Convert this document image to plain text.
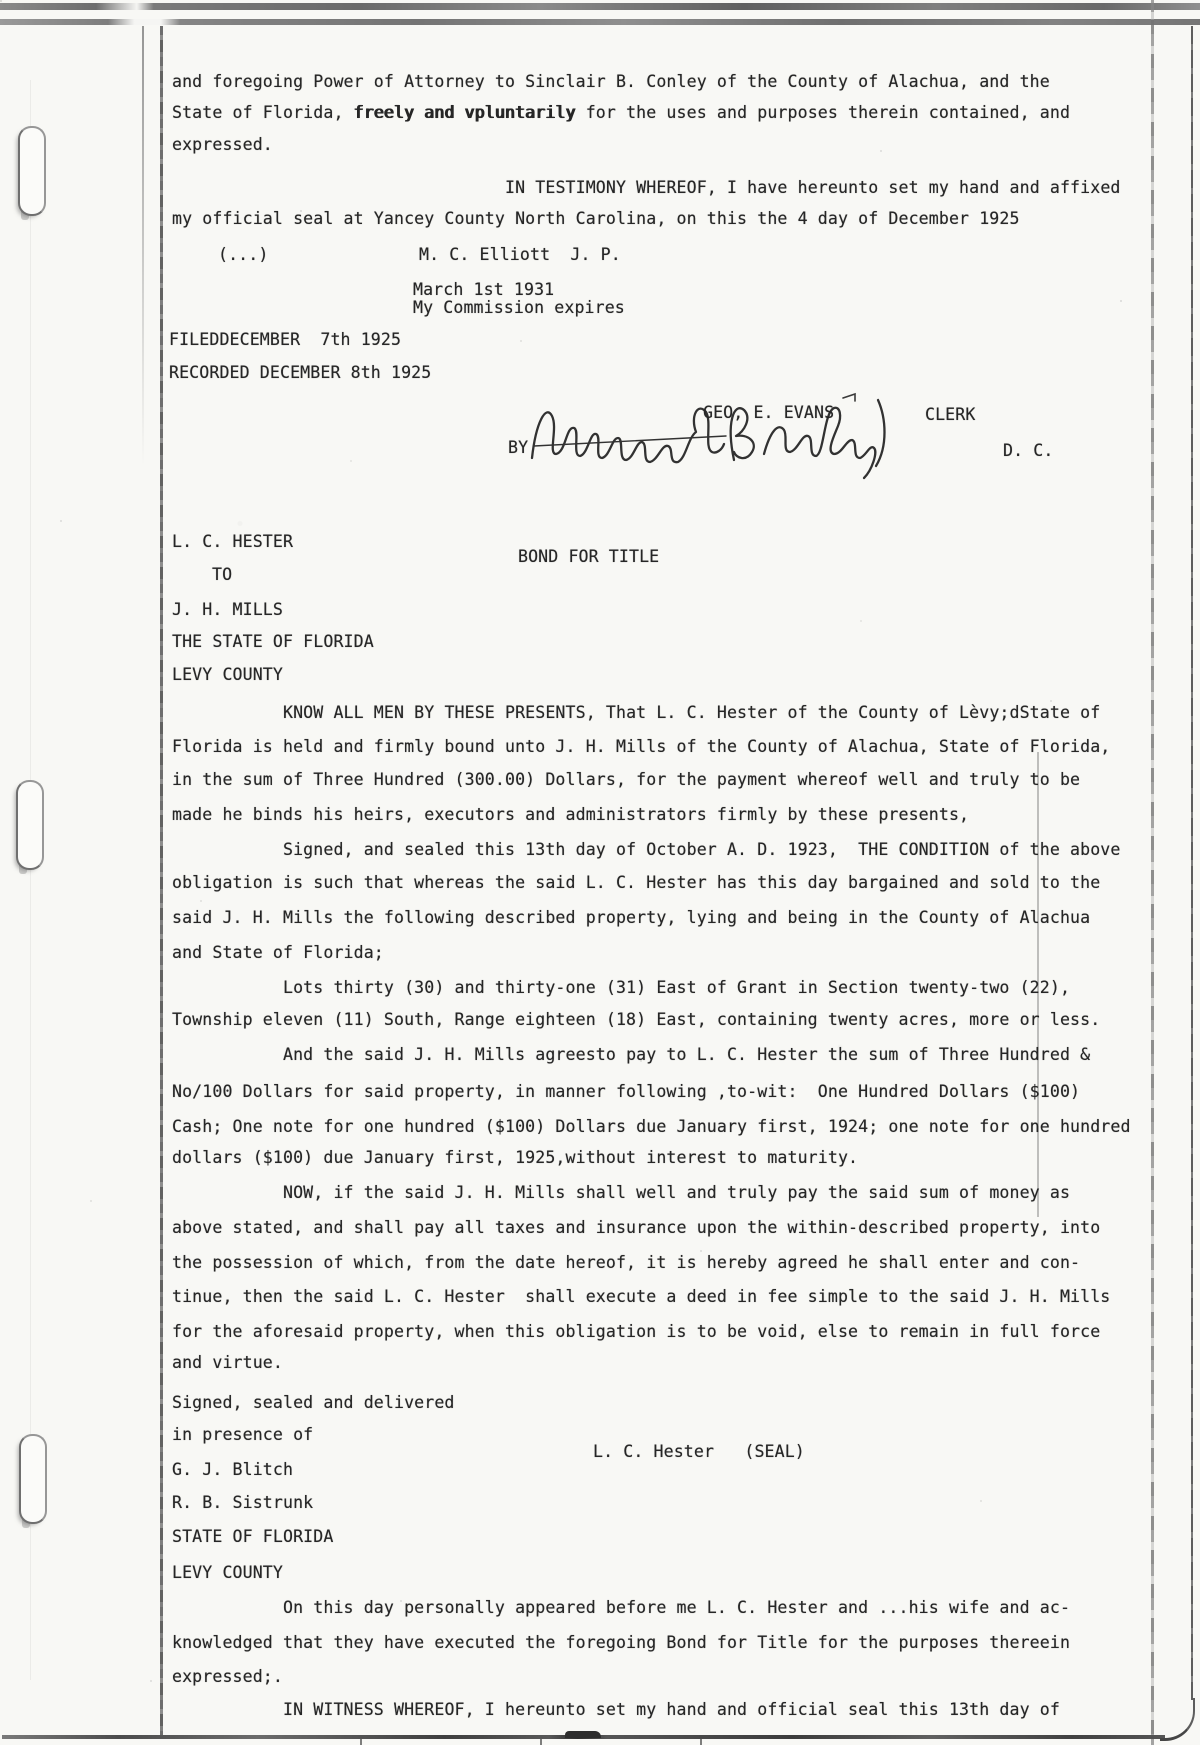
and foregoing Power of Attorney to Sinclair B. Conley of the County of Alachua, and the
State of Florida, freely and vpluntarily for the uses and purposes therein contained, and
expressed.
IN TESTIMONY WHEREOF, I have hereunto set my hand and affixed
my official seal at Yancey County North Carolina, on this the 4 day of December 1925
(...)	M. C. Elliott  J. P.
March 1st 1931
My Commission expires
FILEDDECEMBER  7th 1925
RECORDED DECEMBER 8th 1925
GEO, E. EVANS	CLERK
BY	D. C.
L. C. HESTER
BOND FOR TITLE
TO
J. H. MILLS
THE STATE OF FLORIDA
LEVY COUNTY
KNOW ALL MEN BY THESE PRESENTS, That L. C. Hester of the County of Lèvy;dState of
Florida is held and firmly bound unto J. H. Mills of the County of Alachua, State of Florida,
in the sum of Three Hundred (300.00) Dollars, for the payment whereof well and truly to be
made he binds his heirs, executors and administrators firmly by these presents,
Signed, and sealed this 13th day of October A. D. 1923,  THE CONDITION of the above
obligation is such that whereas the said L. C. Hester has this day bargained and sold to the
said J. H. Mills the following described property, lying and being in the County of Alachua
and State of Florida;
Lots thirty (30) and thirty-one (31) East of Grant in Section twenty-two (22),
Township eleven (11) South, Range eighteen (18) East, containing twenty acres, more or less.
And the said J. H. Mills agreesto pay to L. C. Hester the sum of Three Hundred &
No/100 Dollars for said property, in manner following ,to-wit:  One Hundred Dollars ($100)
Cash; One note for one hundred ($100) Dollars due January first, 1924; one note for one hundred
dollars ($100) due January first, 1925,without interest to maturity.
NOW, if the said J. H. Mills shall well and truly pay the said sum of money as
above stated, and shall pay all taxes and insurance upon the within-described property, into
the possession of which, from the date hereof, it is hereby agreed he shall enter and con-
tinue, then the said L. C. Hester  shall execute a deed in fee simple to the said J. H. Mills
for the aforesaid property, when this obligation is to be void, else to remain in full force
and virtue.
Signed, sealed and delivered
in presence of
L. C. Hester   (SEAL)
G. J. Blitch
R. B. Sistrunk
STATE OF FLORIDA
LEVY COUNTY
On this day personally appeared before me L. C. Hester and ...his wife and ac-
knowledged that they have executed the foregoing Bond for Title for the purposes thereein
expressed;.
IN WITNESS WHEREOF, I hereunto set my hand and official seal this 13th day of
